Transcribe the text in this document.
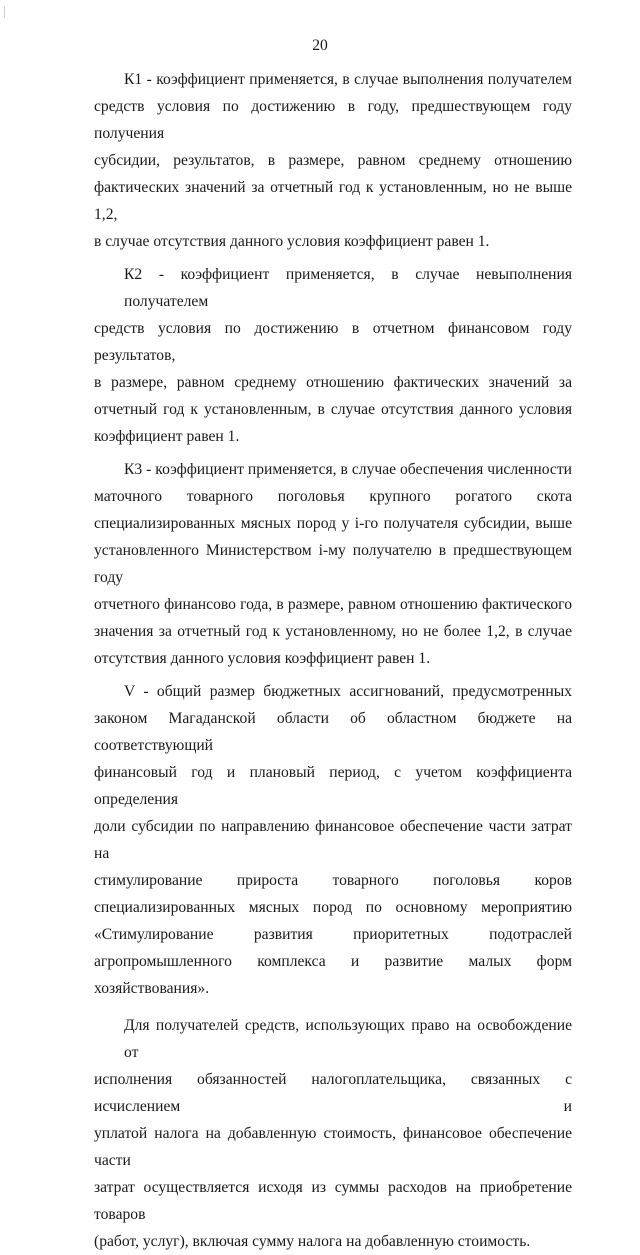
20
К1 - коэффициент применяется, в случае выполнения получателем
средств условия по достижению в году, предшествующем году получения
субсидии, результатов, в размере, равном среднему отношению
фактических значений за отчетный год к установленным, но не выше 1,2,
в случае отсутствия данного условия коэффициент равен 1.
К2 - коэффициент применяется, в случае невыполнения получателем
средств условия по достижению в отчетном финансовом году результатов,
в размере, равном среднему отношению фактических значений за
отчетный год к установленным, в случае отсутствия данного условия
коэффициент равен 1.
К3 - коэффициент применяется, в случае обеспечения численности
маточного товарного поголовья крупного рогатого скота
специализированных мясных пород у i-го получателя субсидии, выше
установленного Министерством i-му получателю в предшествующем году
отчетного финансово года, в размере, равном отношению фактического
значения за отчетный год к установленному, но не более 1,2, в случае
отсутствия данного условия коэффициент равен 1.
V - общий размер бюджетных ассигнований, предусмотренных
законом Магаданской области об областном бюджете на соответствующий
финансовый год и плановый период, с учетом коэффициента определения
доли субсидии по направлению финансовое обеспечение части затрат на
стимулирование прироста товарного поголовья коров
специализированных мясных пород по основному мероприятию
«Стимулирование развития приоритетных подотраслей
агропромышленного комплекса и развитие малых форм хозяйствования».
Для получателей средств, использующих право на освобождение от
исполнения обязанностей налогоплательщика, связанных с исчислением и
уплатой налога на добавленную стоимость, финансовое обеспечение части
затрат осуществляется исходя из суммы расходов на приобретение товаров
(работ, услуг), включая сумму налога на добавленную стоимость.
